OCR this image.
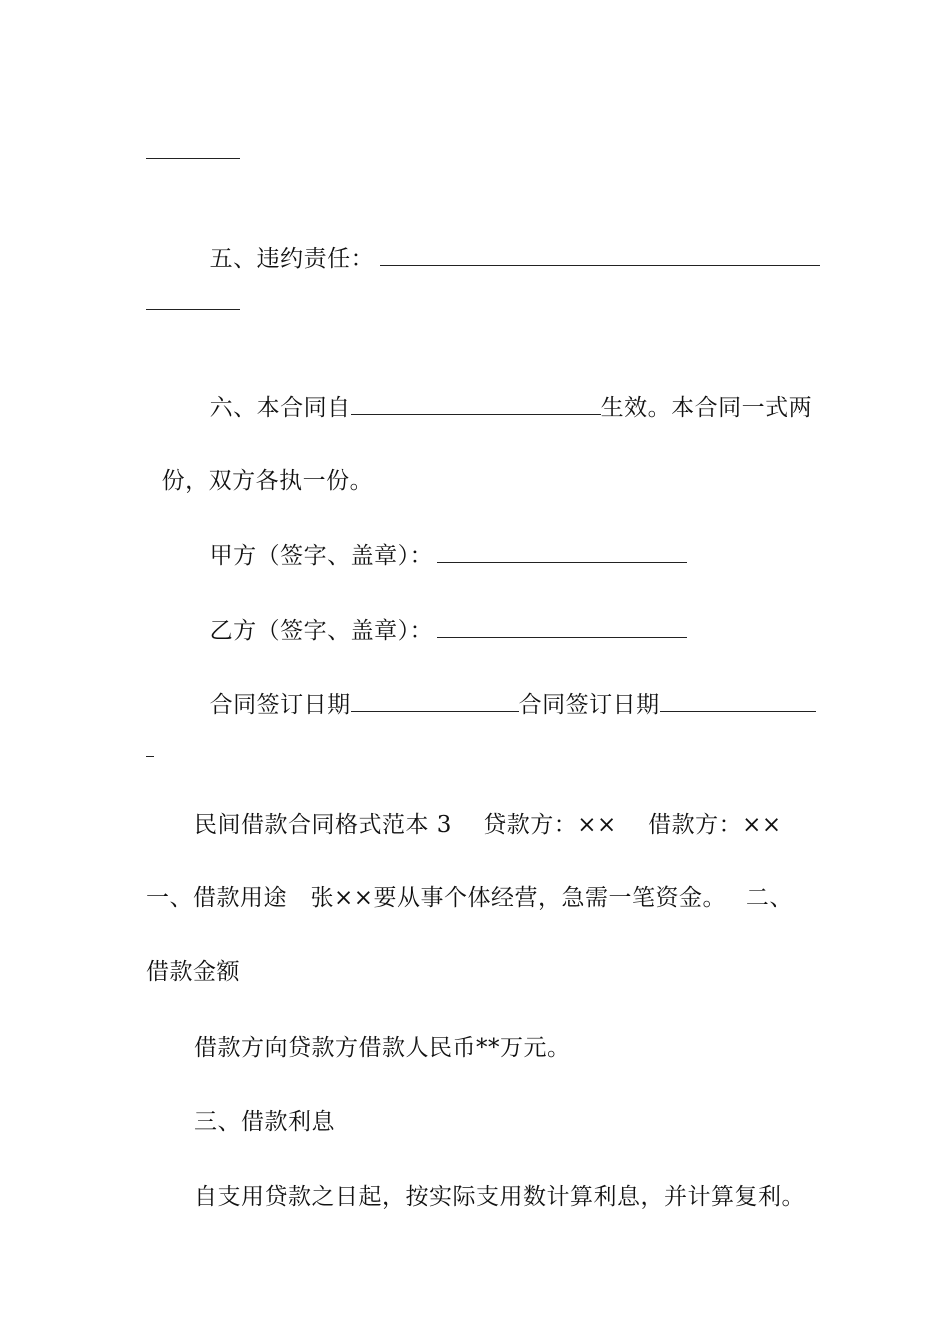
五、违约责任：

六、本合同自	生效。本合同一式两

份，双方各执一份。

甲方（签字、盖章）：

乙方（签字、盖章）：

合同签订日期	合同签订日期

民间借款合同格式范本 3　 贷款方：××　 借款方：××
一、借款用途　张××要从事个体经营，急需一笔资金。　 二、
借款金额
借款方向贷款方借款人民币**万元。
三、借款利息
自支用贷款之日起，按实际支用数计算利息，并计算复利。
